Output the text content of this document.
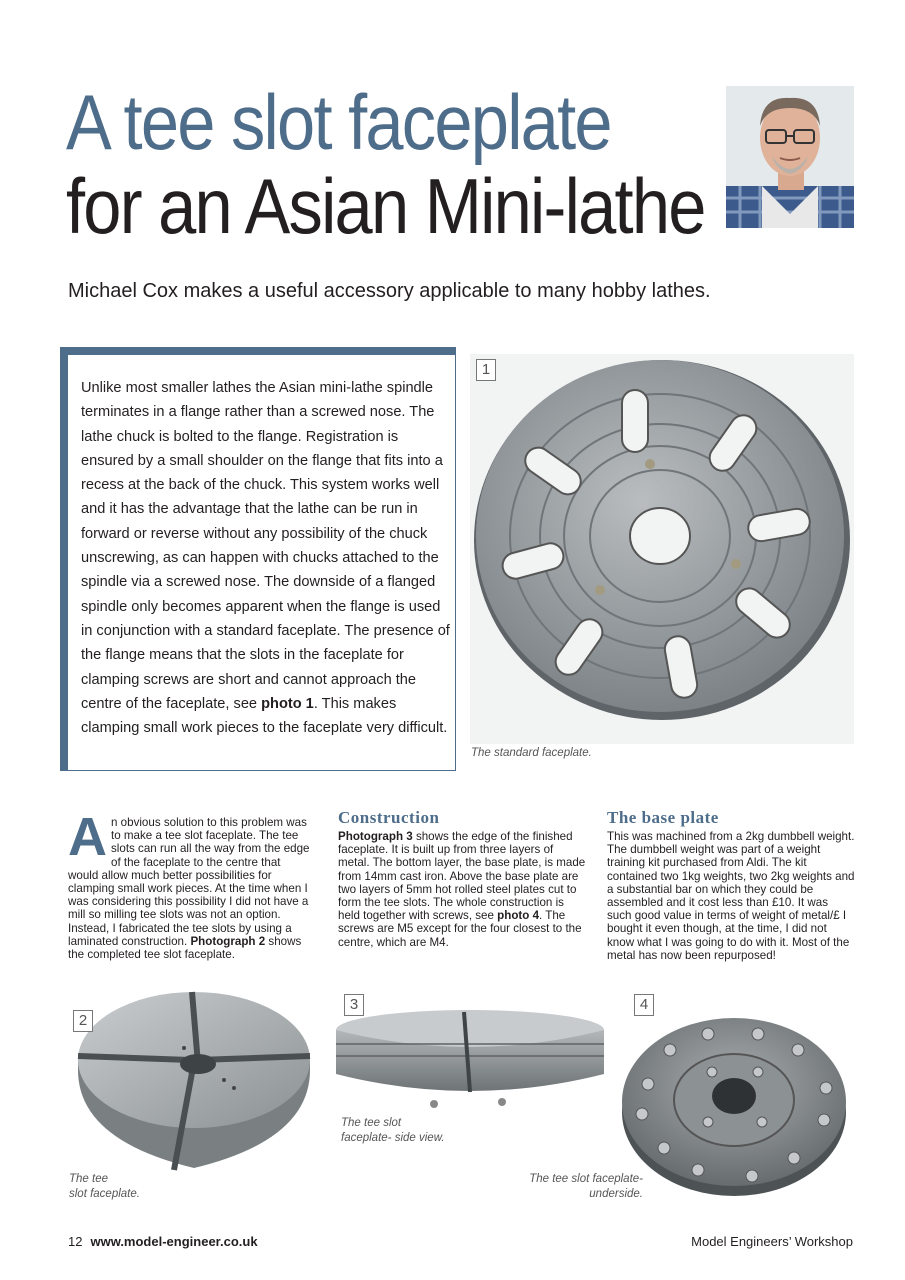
A tee slot faceplate
for an Asian Mini-lathe
Michael Cox makes a useful accessory applicable to many hobby lathes.

Unlike most smaller lathes the Asian mini-lathe spindle terminates in a flange rather than a screwed nose. The lathe chuck is bolted to the flange. Registration is ensured by a small shoulder on the flange that fits into a recess at the back of the chuck. This system works well and it has the advantage that the lathe can be run in forward or reverse without any possibility of the chuck unscrewing, as can happen with chucks attached to the spindle via a screwed nose. The downside of a flanged spindle only becomes apparent when the flange is used in conjunction with a standard faceplate. The presence of the flange means that the slots in the faceplate for clamping screws are short and cannot approach the centre of the faceplate, see photo 1. This makes clamping small work pieces to the faceplate very difficult.

1
The standard faceplate.
An obvious solution to this problem was to make a tee slot faceplate. The tee slots can run all the way from the edge of the faceplate to the centre that would allow much better possibilities for clamping small work pieces. At the time when I was considering this possibility I did not have a mill so milling tee slots was not an option. Instead, I fabricated the tee slots by using a laminated construction. Photograph 2 shows the completed tee slot faceplate.
Construction
Photograph 3 shows the edge of the finished faceplate. It is built up from three layers of metal. The bottom layer, the base plate, is made from 14mm cast iron. Above the base plate are two layers of 5mm hot rolled steel plates cut to form the tee slots. The whole construction is held together with screws, see photo 4. The screws are M5 except for the four closest to the centre, which are M4.
The base plate
This was machined from a 2kg dumbbell weight. The dumbbell weight was part of a weight training kit purchased from Aldi. The kit contained two 1kg weights, two 2kg weights and a substantial bar on which they could be assembled and it cost less than £10. It was such good value in terms of weight of metal/£ I bought it even though, at the time, I did not know what I was going to do with it. Most of the metal has now been repurposed!
2
The tee
slot faceplate.
3
The tee slot
faceplate- side view.
4
The tee slot faceplate-
underside.
12 www.model-engineer.co.uk	Model Engineers’ Workshop
